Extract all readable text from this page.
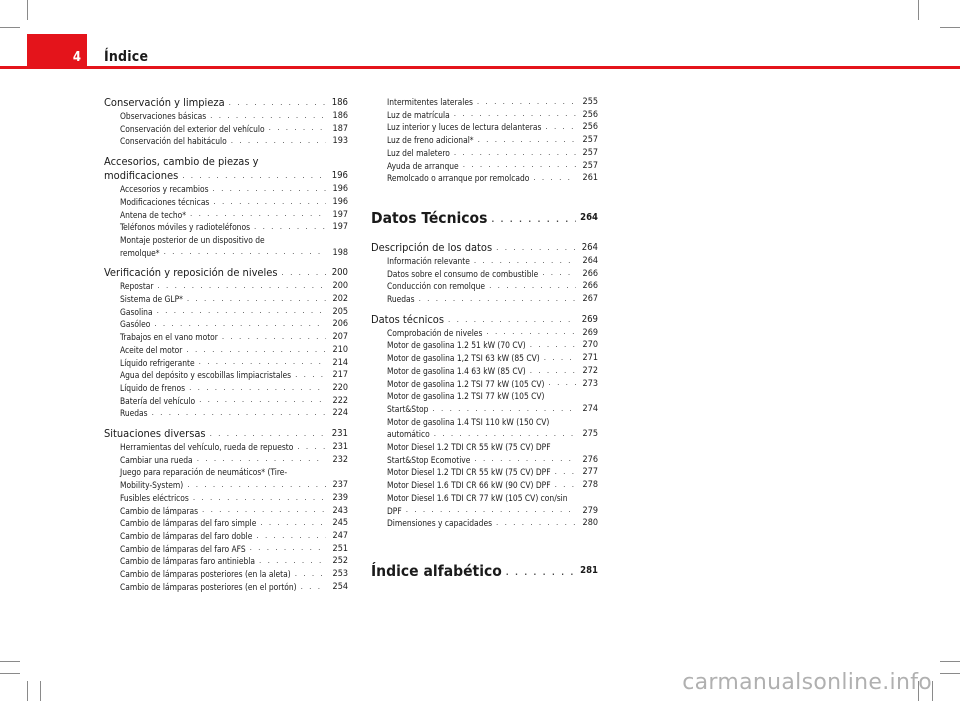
4	Índice
Conservación y limpieza . . .	186
Observaciones básicas . . .	186
Conservación del exterior del vehículo . . .	187
Conservación del habitáculo . . .	193
Accesorios, cambio de piezas y
modificaciones . . .	196
Accesorios y recambios . . .	196
Modificaciones técnicas . . .	196
Antena de techo* . . .	197
Teléfonos móviles y radioteléfonos . . .	197
Montaje posterior de un dispositivo de
remolque* . . .	198
Verificación y reposición de niveles . . .	200
Repostar . . .	200
Sistema de GLP* . . .	202
Gasolina . . .	205
Gasóleo . . .	206
Trabajos en el vano motor . . .	207
Aceite del motor . . .	210
Líquido refrigerante . . .	214
Agua del depósito y escobillas limpiacristales . . .	217
Líquido de frenos . . .	220
Batería del vehículo . . .	222
Ruedas . . .	224
Situaciones diversas . . .	231
Herramientas del vehículo, rueda de repuesto . . .	231
Cambiar una rueda . . .	232
Juego para reparación de neumáticos* (Tire-
Mobility-System) . . .	237
Fusibles eléctricos . . .	239
Cambio de lámparas . . .	243
Cambio de lámparas del faro simple . . .	245
Cambio de lámparas del faro doble . . .	247
Cambio de lámparas del faro AFS . . .	251
Cambio de lámparas faro antiniebla . . .	252
Cambio de lámparas posteriores (en la aleta) . . .	253
Cambio de lámparas posteriores (en el portón) . . .	254
Intermitentes laterales . . .	255
Luz de matrícula . . .	256
Luz interior y luces de lectura delanteras . . .	256
Luz de freno adicional* . . .	257
Luz del maletero . . .	257
Ayuda de arranque . . .	257
Remolcado o arranque por remolcado . . .	261
Datos Técnicos . . .	264
Descripción de los datos . . .	264
Información relevante . . .	264
Datos sobre el consumo de combustible . . .	266
Conducción con remolque . . .	266
Ruedas . . .	267
Datos técnicos . . .	269
Comprobación de niveles . . .	269
Motor de gasolina 1.2 51 kW (70 CV) . . .	270
Motor de gasolina 1,2 TSI 63 kW (85 CV) . . .	271
Motor de gasolina 1.4 63 kW (85 CV) . . .	272
Motor de gasolina 1.2 TSI 77 kW (105 CV) . . .	273
Motor de gasolina 1.2 TSI 77 kW (105 CV)
Start&Stop . . .	274
Motor de gasolina 1.4 TSI 110 kW (150 CV)
automático . . .	275
Motor Diesel 1.2 TDI CR 55 kW (75 CV) DPF
Start&Stop Ecomotive . . .	276
Motor Diesel 1.2 TDI CR 55 kW (75 CV) DPF . . .	277
Motor Diesel 1.6 TDI CR 66 kW (90 CV) DPF . . .	278
Motor Diesel 1.6 TDI CR 77 kW (105 CV) con/sin
DPF . . .	279
Dimensiones y capacidades . . .	280
Índice alfabético . . .	281
carmanualsonline.info
